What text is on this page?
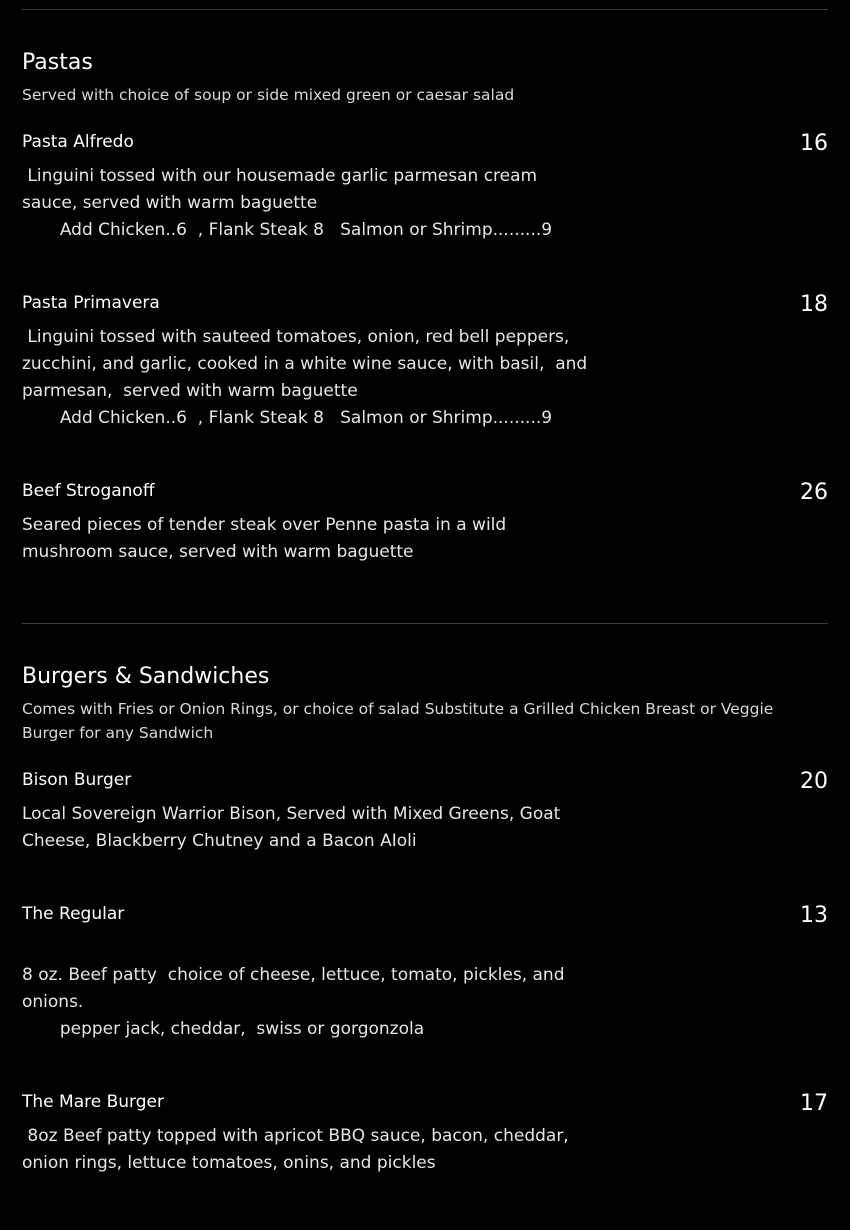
Pastas
Served with choice of soup or side mixed green or caesar salad
Pasta Alfredo	16
Linguini tossed with our housemade garlic parmesan cream
sauce, served with warm baguette
Add Chicken..6  , Flank Steak 8   Salmon or Shrimp.........9
Pasta Primavera	18
Linguini tossed with sauteed tomatoes, onion, red bell peppers,
zucchini, and garlic, cooked in a white wine sauce, with basil,  and
parmesan,  served with warm baguette
Add Chicken..6  , Flank Steak 8   Salmon or Shrimp.........9
Beef Stroganoff	26
Seared pieces of tender steak over Penne pasta in a wild
mushroom sauce, served with warm baguette
Burgers & Sandwiches
Comes with Fries or Onion Rings, or choice of salad Substitute a Grilled Chicken Breast or Veggie Burger for any Sandwich
Bison Burger	20
Local Sovereign Warrior Bison, Served with Mixed Greens, Goat
Cheese, Blackberry Chutney and a Bacon AIoli
The Regular	13
8 oz. Beef patty  choice of cheese, lettuce, tomato, pickles, and
onions.
pepper jack, cheddar,  swiss or gorgonzola
The Mare Burger	17
8oz Beef patty topped with apricot BBQ sauce, bacon, cheddar,
onion rings, lettuce tomatoes, onins, and pickles
